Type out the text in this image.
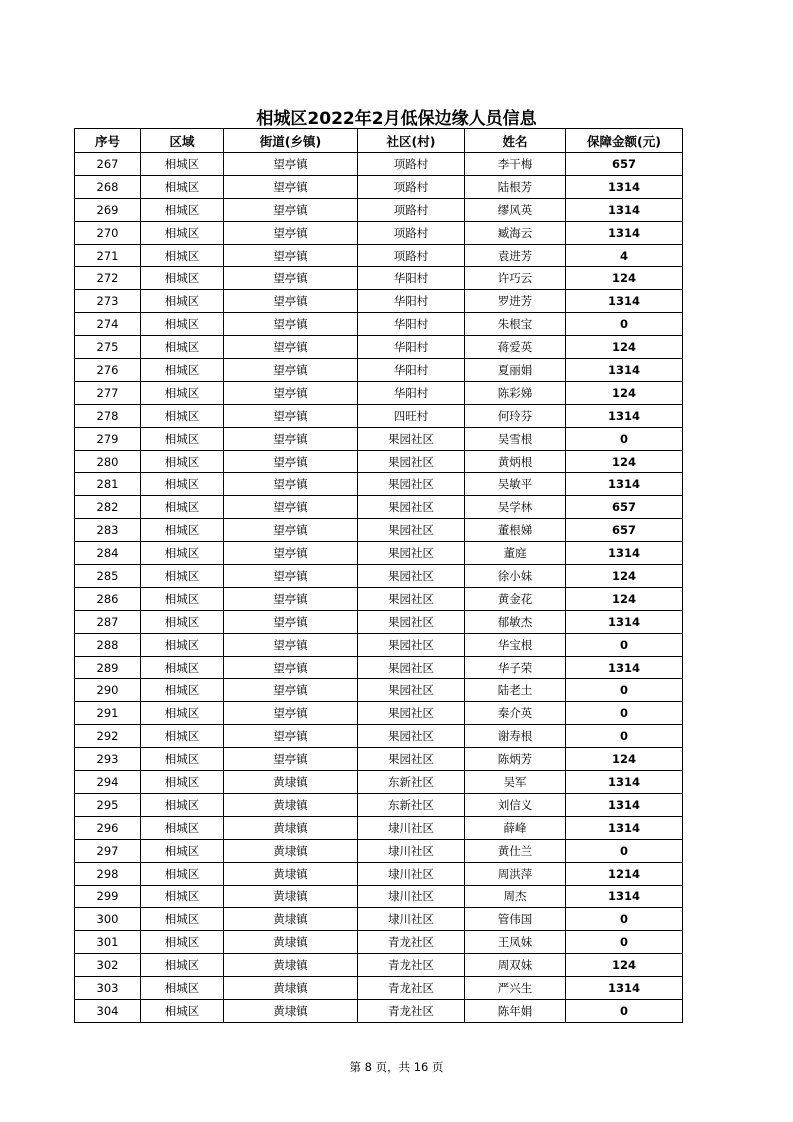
相城区2022年2月低保边缘人员信息
序号	区域	街道(乡镇)	社区(村)	姓名	保障金额(元)
267	相城区	望亭镇	项路村	李干梅	657
268	相城区	望亭镇	项路村	陆根芳	1314
269	相城区	望亭镇	项路村	缪风英	1314
270	相城区	望亭镇	项路村	臧海云	1314
271	相城区	望亭镇	项路村	袁进芳	4
272	相城区	望亭镇	华阳村	许巧云	124
273	相城区	望亭镇	华阳村	罗进芳	1314
274	相城区	望亭镇	华阳村	朱根宝	0
275	相城区	望亭镇	华阳村	蒋爱英	124
276	相城区	望亭镇	华阳村	夏丽娟	1314
277	相城区	望亭镇	华阳村	陈彩娣	124
278	相城区	望亭镇	四旺村	何玲芬	1314
279	相城区	望亭镇	果园社区	吴雪根	0
280	相城区	望亭镇	果园社区	黄炳根	124
281	相城区	望亭镇	果园社区	吴敏平	1314
282	相城区	望亭镇	果园社区	吴学林	657
283	相城区	望亭镇	果园社区	董根娣	657
284	相城区	望亭镇	果园社区	董庭	1314
285	相城区	望亭镇	果园社区	徐小妹	124
286	相城区	望亭镇	果园社区	黄金花	124
287	相城区	望亭镇	果园社区	郁敏杰	1314
288	相城区	望亭镇	果园社区	华宝根	0
289	相城区	望亭镇	果园社区	华子荣	1314
290	相城区	望亭镇	果园社区	陆老土	0
291	相城区	望亭镇	果园社区	秦介英	0
292	相城区	望亭镇	果园社区	谢寿根	0
293	相城区	望亭镇	果园社区	陈炳芳	124
294	相城区	黄埭镇	东新社区	吴军	1314
295	相城区	黄埭镇	东新社区	刘信义	1314
296	相城区	黄埭镇	埭川社区	薛峰	1314
297	相城区	黄埭镇	埭川社区	黄仕兰	0
298	相城区	黄埭镇	埭川社区	周洪萍	1214
299	相城区	黄埭镇	埭川社区	周杰	1314
300	相城区	黄埭镇	埭川社区	管伟国	0
301	相城区	黄埭镇	青龙社区	王凤妹	0
302	相城区	黄埭镇	青龙社区	周双妹	124
303	相城区	黄埭镇	青龙社区	严兴生	1314
304	相城区	黄埭镇	青龙社区	陈年娟	0
第 8 页，共 16 页
